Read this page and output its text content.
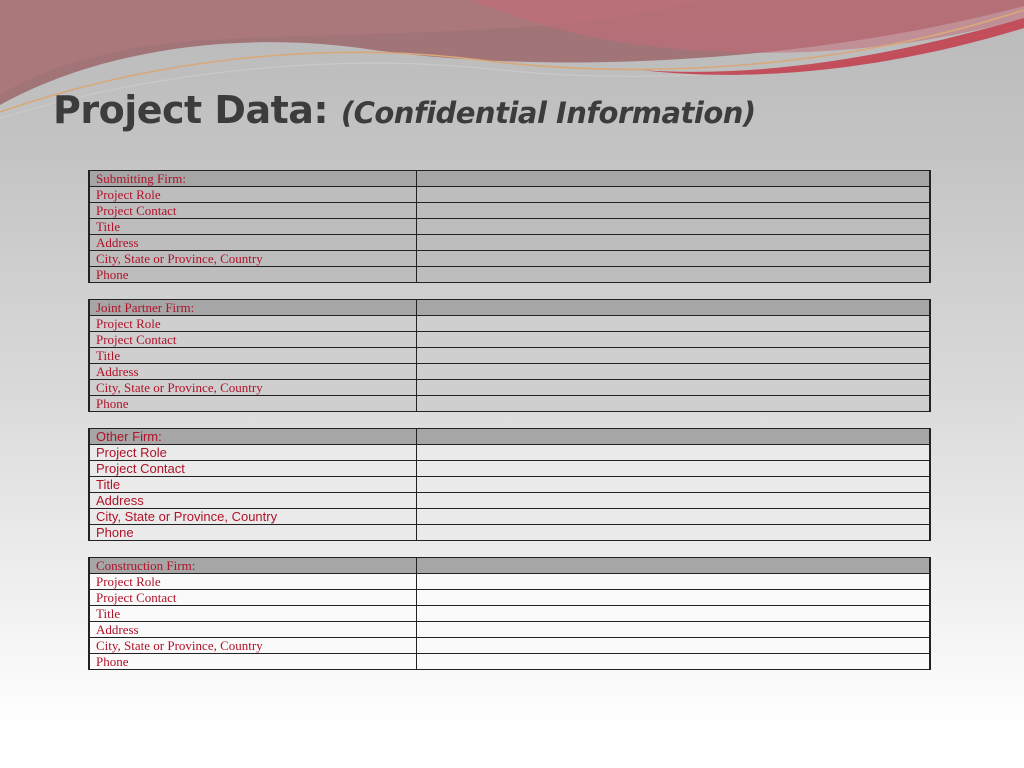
Project Data: (Confidential Information)
Submitting Firm:	
Project Role	
Project Contact	
Title	
Address	
City, State or Province, Country	
Phone	
Joint Partner Firm:	
Project Role	
Project Contact	
Title	
Address	
City, State or Province, Country	
Phone	
Other Firm:	
Project Role	
Project Contact	
Title	
Address	
City, State or Province, Country	
Phone	
Construction Firm:	
Project Role	
Project Contact	
Title	
Address	
City, State or Province, Country	
Phone	
